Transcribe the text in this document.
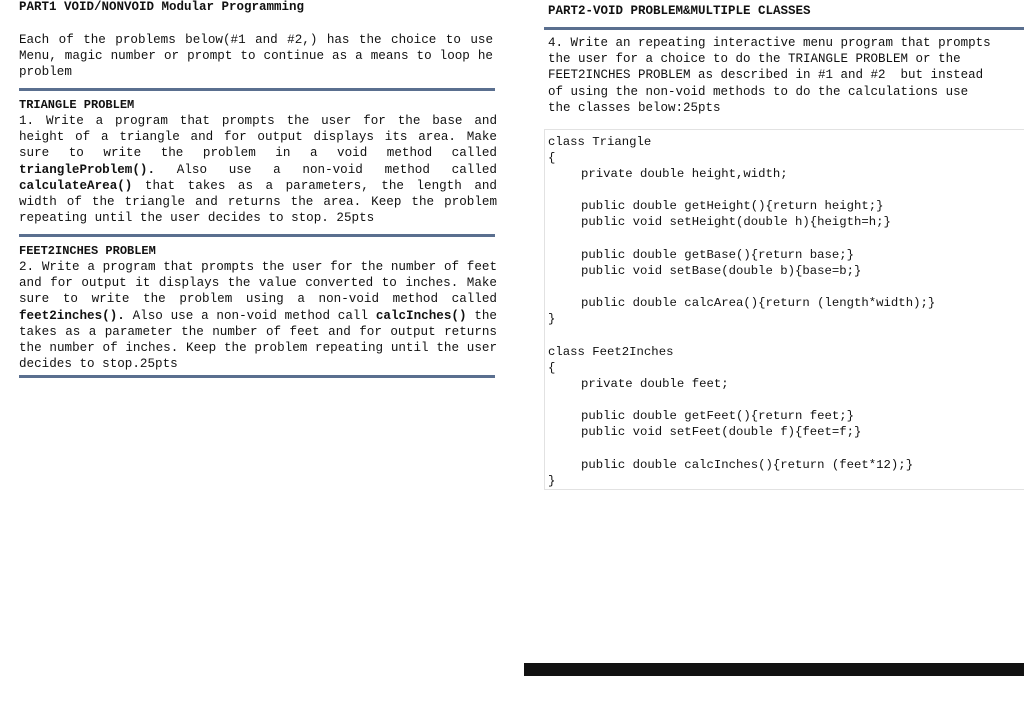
PART1 VOID/NONVOID Modular Programming

Each of the problems below(#1 and #2,) has the choice to use Menu, magic number or prompt to continue as a means to loop he problem

TRIANGLE PROBLEM

1. Write a program that prompts the user for the base and height of a triangle and for output displays its area. Make sure to write the problem in a void method called triangleProblem(). Also use a non-void method called calculateArea() that takes as a parameters, the length and width of the triangle and returns the area. Keep the problem repeating until the user decides to stop. 25pts

FEET2INCHES PROBLEM

2. Write a program that prompts the user for the number of feet and for output it displays the value converted to inches. Make sure to write the problem using a non-void method called feet2inches(). Also use a non-void method call calcInches() the takes as a parameter the number of feet and for output returns the number of inches. Keep the problem repeating until the user decides to stop.25pts

PART2-VOID PROBLEM&MULTIPLE CLASSES
4. Write an repeating interactive menu program that prompts
the user for a choice to do the TRIANGLE PROBLEM or the
FEET2INCHES PROBLEM as described in #1 and #2  but instead
of using the non-void methods to do the calculations use
the classes below:25pts
class Triangle
{
private double height,width;
public double getHeight(){return height;}
public void setHeight(double h){heigth=h;}
public double getBase(){return base;}
public void setBase(double b){base=b;}
public double calcArea(){return (length*width);}
}
class Feet2Inches
{
private double feet;
public double getFeet(){return feet;}
public void setFeet(double f){feet=f;}
public double calcInches(){return (feet*12);}
}
